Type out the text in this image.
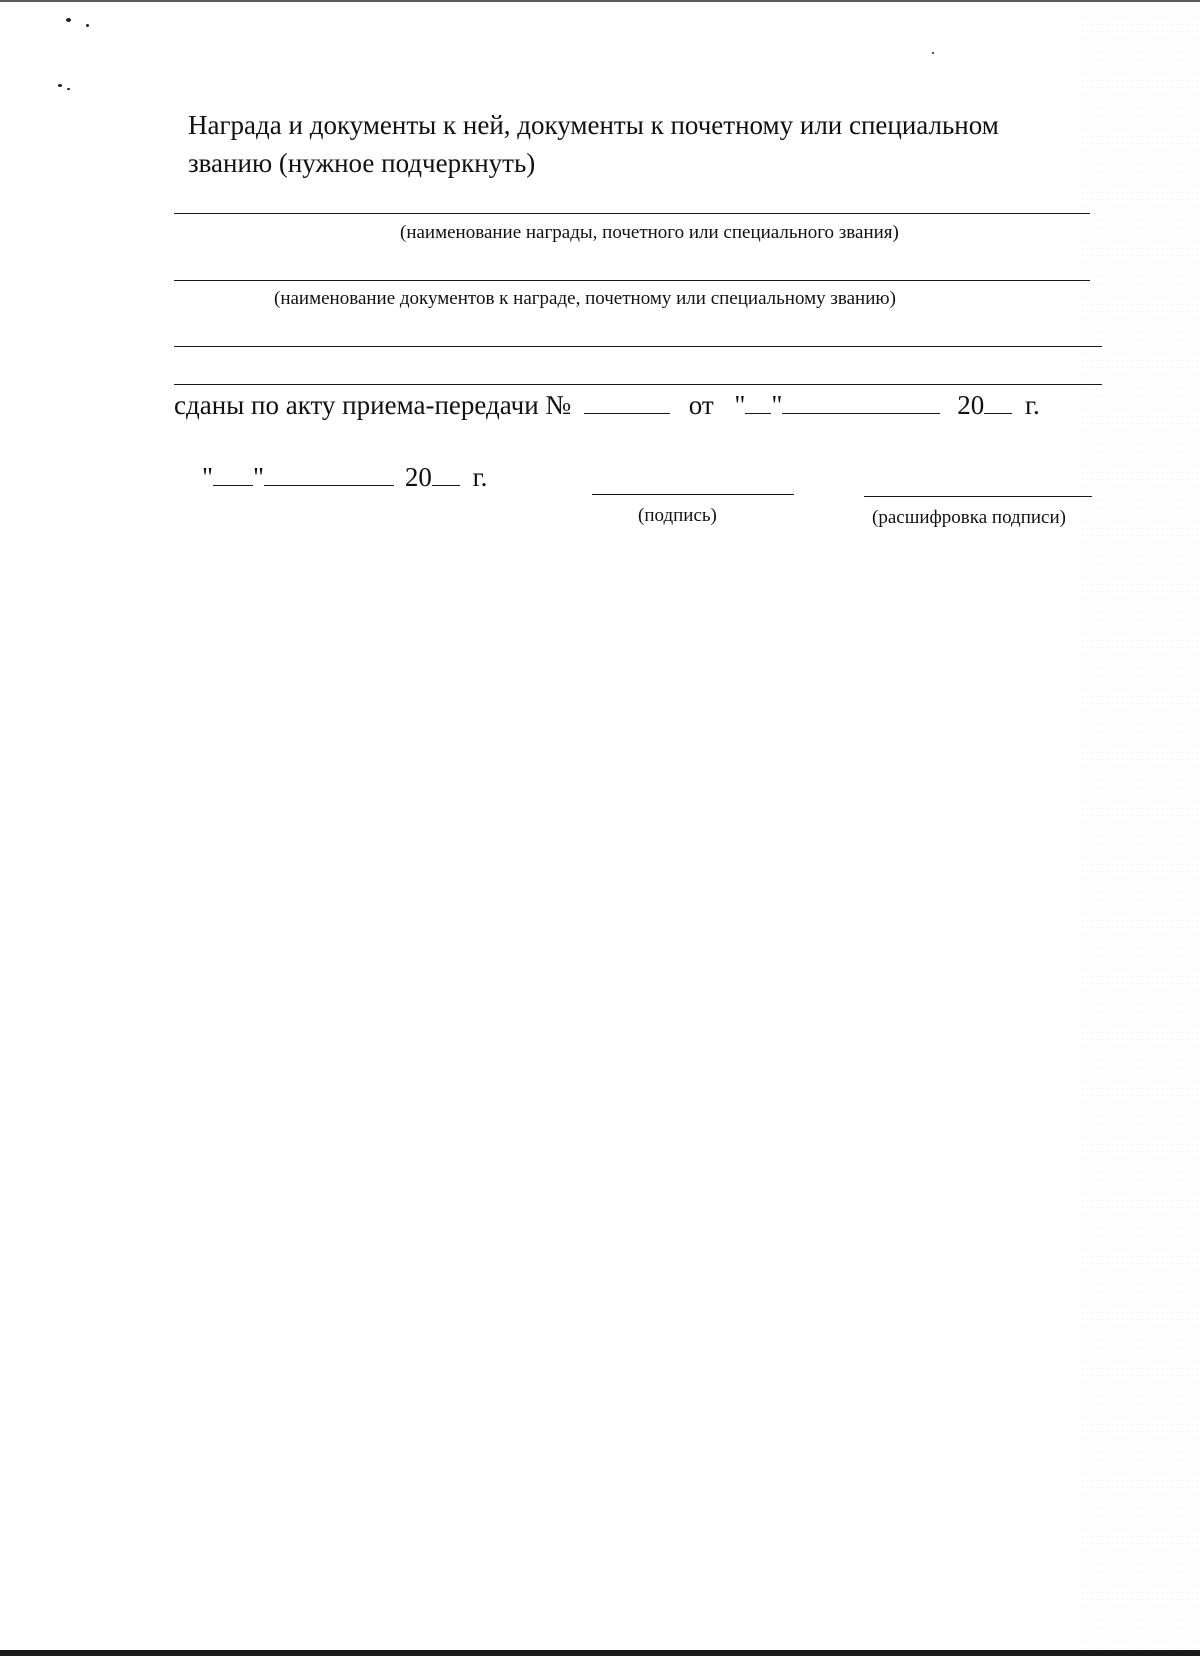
Награда и документы к ней, документы к почетному или специальном званию (нужное подчеркнуть)

(наименование награды, почетного или специального звания)
(наименование документов к награде, почетному или специальному званию)
сданы по акту приема-передачи №	от " "	20 г.
" "	20 г.
(подпись)	(расшифровка подписи)
